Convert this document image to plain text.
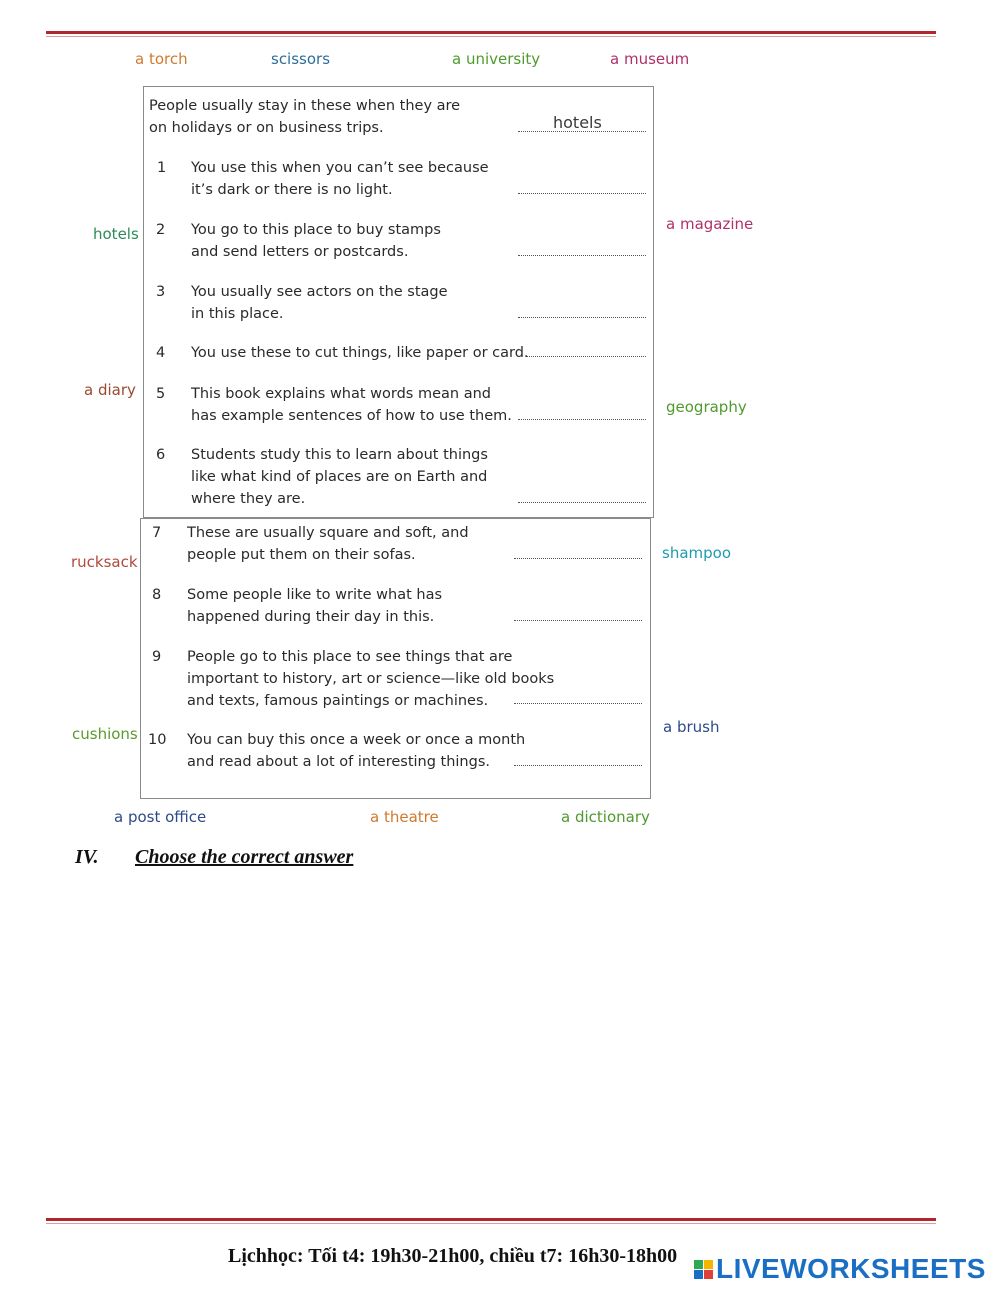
a torch	scissors	a university	a museum
hotels
a diary
rucksack
cushions
a magazine
geography
shampoo
a brush
a post office	a theatre	a dictionary
People usually stay in these when they are
on holidays or on business trips.	hotels
1 You use this when you can’t see because
it’s dark or there is no light.
2 You go to this place to buy stamps
and send letters or postcards.
3 You usually see actors on the stage
in this place.
4 You use these to cut things, like paper or card.
5 This book explains what words mean and
has example sentences of how to use them.
6 Students study this to learn about things
like what kind of places are on Earth and
where they are.
7 These are usually square and soft, and
people put them on their sofas.
8 Some people like to write what has
happened during their day in this.
9 People go to this place to see things that are
important to history, art or science—like old books
and texts, famous paintings or machines.
10 You can buy this once a week or once a month
and read about a lot of interesting things.
IV. Choose the correct answer
Lịchhọc: Tối t4: 19h30-21h00, chiều t7: 16h30-18h00 LIVEWORKSHEETS
